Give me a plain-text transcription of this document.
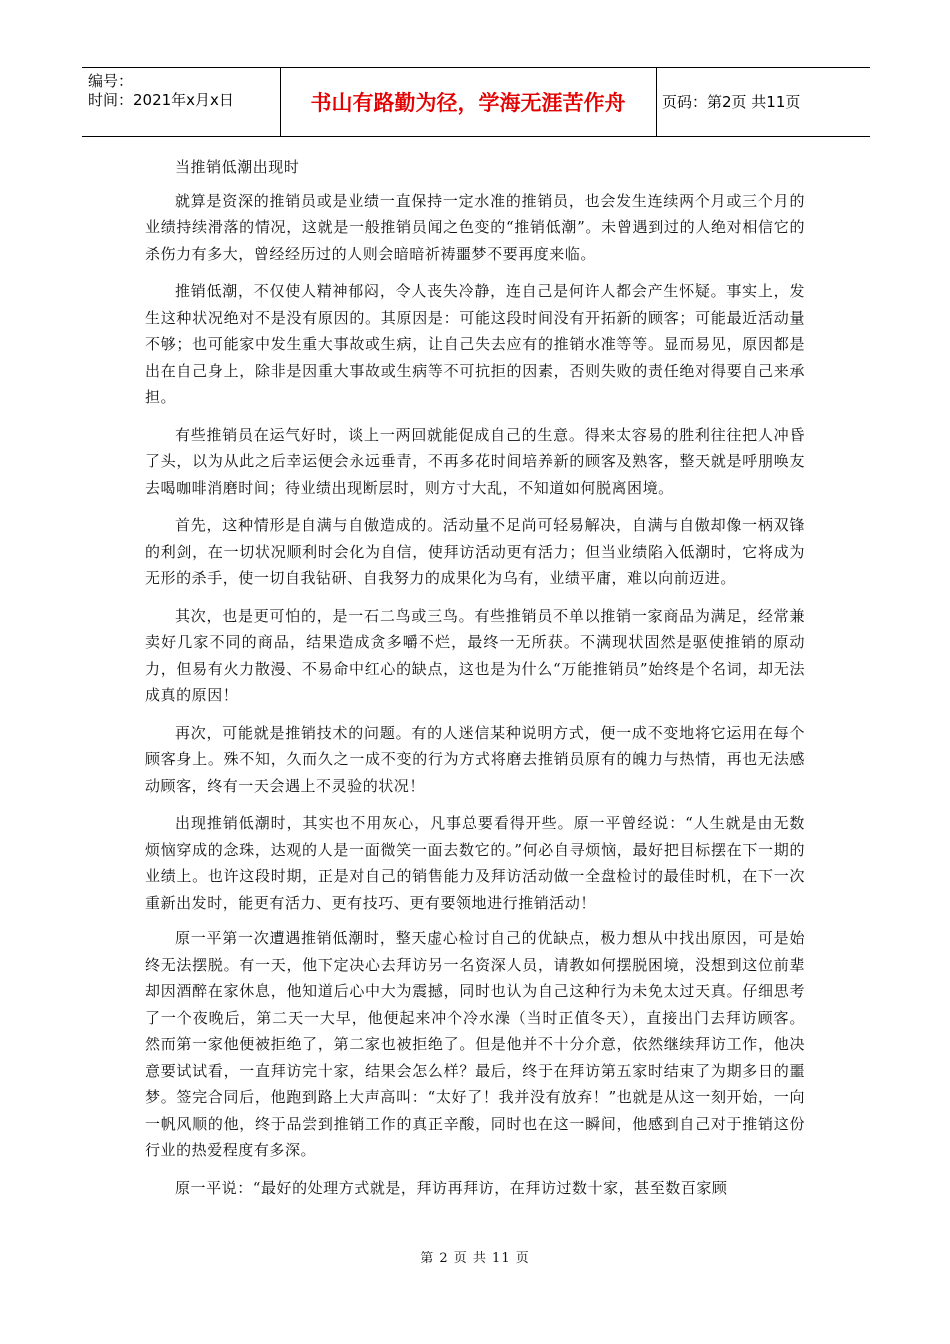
编号：
时间：2021年x月x日	书山有路勤为径，学海无涯苦作舟	页码：第2页 共11页

当推销低潮出现时

就算是资深的推销员或是业绩一直保持一定水准的推销员，也会发生连续两个月或三个月的业绩持续滑落的情况，这就是一般推销员闻之色变的“推销低潮”。未曾遇到过的人绝对相信它的杀伤力有多大，曾经经历过的人则会暗暗祈祷噩梦不要再度来临。

推销低潮，不仅使人精神郁闷，令人丧失冷静，连自己是何许人都会产生怀疑。事实上，发生这种状况绝对不是没有原因的。其原因是：可能这段时间没有开拓新的顾客；可能最近活动量不够；也可能家中发生重大事故或生病，让自己失去应有的推销水准等等。显而易见，原因都是出在自己身上，除非是因重大事故或生病等不可抗拒的因素，否则失败的责任绝对得要自己来承担。

有些推销员在运气好时，谈上一两回就能促成自己的生意。得来太容易的胜利往往把人冲昏了头，以为从此之后幸运便会永远垂青，不再多花时间培养新的顾客及熟客，整天就是呼朋唤友去喝咖啡消磨时间；待业绩出现断层时，则方寸大乱，不知道如何脱离困境。

首先，这种情形是自满与自傲造成的。活动量不足尚可轻易解决，自满与自傲却像一柄双锋的利剑，在一切状况顺利时会化为自信，使拜访活动更有活力；但当业绩陷入低潮时，它将成为无形的杀手，使一切自我钻研、自我努力的成果化为乌有，业绩平庸，难以向前迈进。

其次，也是更可怕的，是一石二鸟或三鸟。有些推销员不单以推销一家商品为满足，经常兼卖好几家不同的商品，结果造成贪多嚼不烂，最终一无所获。不满现状固然是驱使推销的原动力，但易有火力散漫、不易命中红心的缺点，这也是为什么“万能推销员”始终是个名词，却无法成真的原因！

再次，可能就是推销技术的问题。有的人迷信某种说明方式，便一成不变地将它运用在每个顾客身上。殊不知，久而久之一成不变的行为方式将磨去推销员原有的魄力与热情，再也无法感动顾客，终有一天会遇上不灵验的状况！

出现推销低潮时，其实也不用灰心，凡事总要看得开些。原一平曾经说：“人生就是由无数烦恼穿成的念珠，达观的人是一面微笑一面去数它的。”何必自寻烦恼，最好把目标摆在下一期的业绩上。也许这段时期，正是对自己的销售能力及拜访活动做一全盘检讨的最佳时机，在下一次重新出发时，能更有活力、更有技巧、更有要领地进行推销活动！

原一平第一次遭遇推销低潮时，整天虚心检讨自己的优缺点，极力想从中找出原因，可是始终无法摆脱。有一天，他下定决心去拜访另一名资深人员，请教如何摆脱困境，没想到这位前辈却因酒醉在家休息，他知道后心中大为震撼，同时也认为自己这种行为未免太过天真。仔细思考了一个夜晚后，第二天一大早，他便起来冲个冷水澡（当时正值冬天），直接出门去拜访顾客。然而第一家他便被拒绝了，第二家也被拒绝了。但是他并不十分介意，依然继续拜访工作，他决意要试试看，一直拜访完十家，结果会怎么样？最后，终于在拜访第五家时结束了为期多日的噩梦。签完合同后，他跑到路上大声高叫：“太好了！我并没有放弃！”也就是从这一刻开始，一向一帆风顺的他，终于品尝到推销工作的真正辛酸，同时也在这一瞬间，他感到自己对于推销这份行业的热爱程度有多深。

原一平说：“最好的处理方式就是，拜访再拜访，在拜访过数十家，甚至数百家顾

第 2 页 共 11 页
